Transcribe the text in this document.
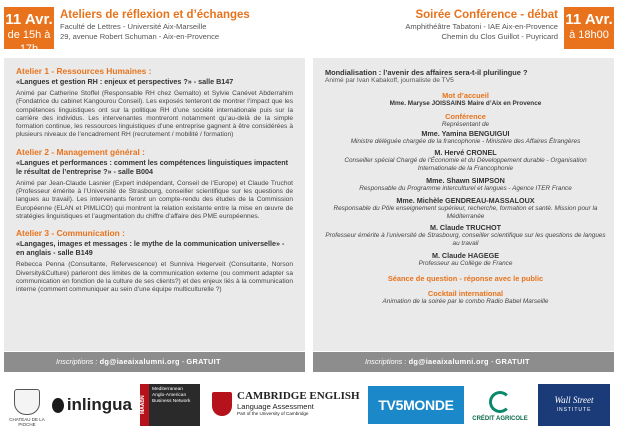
11 Avr.
de 15h à 17h
Ateliers de réflexion et d’échanges
Faculté de Lettres - Université Aix-Marseille
29, avenue Robert Schuman - Aix-en-Provence
Atelier 1 - Ressources Humaines :
«Langues et gestion RH : enjeux et perspectives ?» - salle B147
Animé par Catherine Stoffel (Responsable RH chez Gemalto) et Sylvie Canévet Abderrahim (Fondatrice du cabinet Kangourou Conseil). Les exposés tenteront de montrer l’impact que les compétences linguistiques ont sur la politique RH d’une société internationale puis sur la carrière des individus. Les intervenantes montreront notamment qu’au-delà de la simple formation continue, les ressources linguistiques d’une entreprise gagnent à être considérées à plusieurs niveaux de l’encadrement RH (recrutement / mobilité / formation)
Atelier 2 - Management général :
«Langues et performances : comment les compétences linguistiques impactent le résultat de l’entreprise ?» - salle B004
Animé par Jean-Claude Lasnier (Expert indépendant, Conseil de l’Europe) et Claude Truchot (Professeur émérite à l’Université de Strasbourg, conseiller scientifique sur les questions de langues au travail). Les intervenants feront un compte-rendu des études de la Commission Européenne (ELAN et PIMLICO) qui montrent la relation existante entre la mise en œuvre de stratégies linguistiques et l’augmentation du chiffre d’affaire des PME européennes.
Atelier 3 - Communication :
«Langages, images et messages : le mythe de la communication universelle» - en anglais - salle B149
Rebecca Penna (Consultante, Refervescence) et Sunniva Hegerveit (Consultante, Norson Diversity&Culture) parleront des limites de la communication externe (ou comment adapter sa communication en fonction de la culture de ses clients?) et des enjeux liés à la communication interne (comment communiquer au sein d’une équipe multiculturelle ?)
Inscriptions : dg@iaeaixalumni.org - GRATUIT
Soirée Conférence - débat
Amphithéâtre Tabatoni - IAE Aix-en-Provence
Chemin du Clos Guillot - Puyricard
11 Avr.
à 18h00
Mondialisation : l’avenir des affaires sera-t-il plurilingue ?
Animé par Ivan Kabakoff, journaliste de TV5
Mot d’accueil
Mme. Maryse JOISSAINS Maire d’Aix en Provence
Conférence
Représentant de
Mme. Yamina BENGUIGUI
Ministre déléguée chargée de la francophonie - Ministère des Affaires Étrangères
M. Hervé CRONEL
Conseiller spécial Chargé de l’Économie et du Développement durable - Organisation Internationale de la Francophonie
Mme. Shawn SIMPSON
Responsable du Programme interculturel et langues - Agence ITER France
Mme. Michèle GENDREAU-MASSALOUX
Responsable du Pôle enseignement supérieur, recherche, formation et santé. Mission pour la Méditerranée
M. Claude TRUCHOT
Professeur émérite à l’université de Strasbourg, conseiller scientifique sur les questions de langues au travail
M. Claude HAGEGE
Professeur au Collège de France
Séance de question - réponse avec le public
Cocktail international
Animation de la soirée par le combo Radio Babel Marseille
Inscriptions : dg@iaeaixalumni.org - GRATUIT
CHATEAU DE LA PIOCHE
inlingua MAABN
Mediterranean Anglo-American Business Network	CAMBRIDGE ENGLISH
Language Assessment
Part of the University of Cambridge
TV5MONDE
CRÉDIT AGRICOLE
Wall Street
INSTITUTE
